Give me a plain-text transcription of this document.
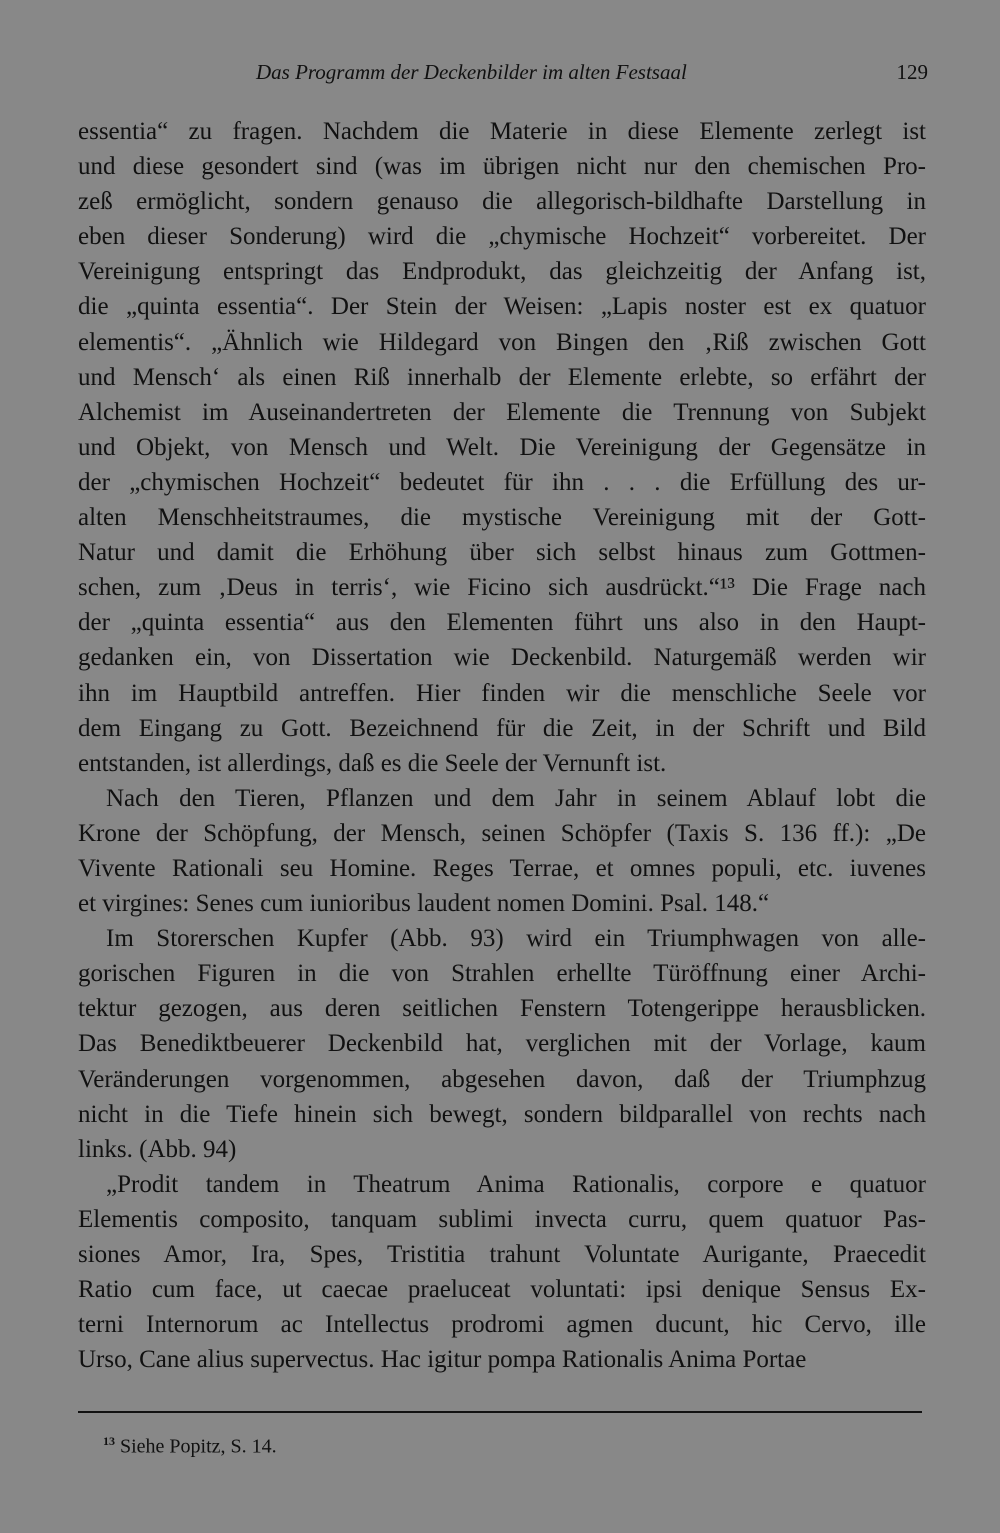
Das Programm der Deckenbilder im alten Festsaal	129
essentia“ zu fragen. Nachdem die Materie in diese Elemente zerlegt ist
und diese gesondert sind (was im übrigen nicht nur den chemischen Pro-
zeß ermöglicht, sondern genauso die allegorisch-bildhafte Darstellung in
eben dieser Sonderung) wird die „chymische Hochzeit“ vorbereitet. Der
Vereinigung entspringt das Endprodukt, das gleichzeitig der Anfang ist,
die „quinta essentia“. Der Stein der Weisen: „Lapis noster est ex quatuor
elementis“. „Ähnlich wie Hildegard von Bingen den ‚Riß zwischen Gott
und Mensch‘ als einen Riß innerhalb der Elemente erlebte, so erfährt der
Alchemist im Auseinandertreten der Elemente die Trennung von Subjekt
und Objekt, von Mensch und Welt. Die Vereinigung der Gegensätze in
der „chymischen Hochzeit“ bedeutet für ihn . . . die Erfüllung des ur-
alten Menschheitstraumes, die mystische Vereinigung mit der Gott-
Natur und damit die Erhöhung über sich selbst hinaus zum Gottmen-
schen, zum ‚Deus in terris‘, wie Ficino sich ausdrückt.“¹³ Die Frage nach
der „quinta essentia“ aus den Elementen führt uns also in den Haupt-
gedanken ein, von Dissertation wie Deckenbild. Naturgemäß werden wir
ihn im Hauptbild antreffen. Hier finden wir die menschliche Seele vor
dem Eingang zu Gott. Bezeichnend für die Zeit, in der Schrift und Bild
entstanden, ist allerdings, daß es die Seele der Vernunft ist.
Nach den Tieren, Pflanzen und dem Jahr in seinem Ablauf lobt die
Krone der Schöpfung, der Mensch, seinen Schöpfer (Taxis S. 136 ff.): „De
Vivente Rationali seu Homine. Reges Terrae, et omnes populi, etc. iuvenes
et virgines: Senes cum iunioribus laudent nomen Domini. Psal. 148.“
Im Storerschen Kupfer (Abb. 93) wird ein Triumphwagen von alle-
gorischen Figuren in die von Strahlen erhellte Türöffnung einer Archi-
tektur gezogen, aus deren seitlichen Fenstern Totengerippe herausblicken.
Das Benediktbeuerer Deckenbild hat, verglichen mit der Vorlage, kaum
Veränderungen vorgenommen, abgesehen davon, daß der Triumphzug
nicht in die Tiefe hinein sich bewegt, sondern bildparallel von rechts nach
links. (Abb. 94)
„Prodit tandem in Theatrum Anima Rationalis, corpore e quatuor
Elementis composito, tanquam sublimi invecta curru, quem quatuor Pas-
siones Amor, Ira, Spes, Tristitia trahunt Voluntate Aurigante, Praecedit
Ratio cum face, ut caecae praeluceat voluntati: ipsi denique Sensus Ex-
terni Internorum ac Intellectus prodromi agmen ducunt, hic Cervo, ille
Urso, Cane alius supervectus. Hac igitur pompa Rationalis Anima Portae
$^{13}$ Siehe Popitz, S. 14.
